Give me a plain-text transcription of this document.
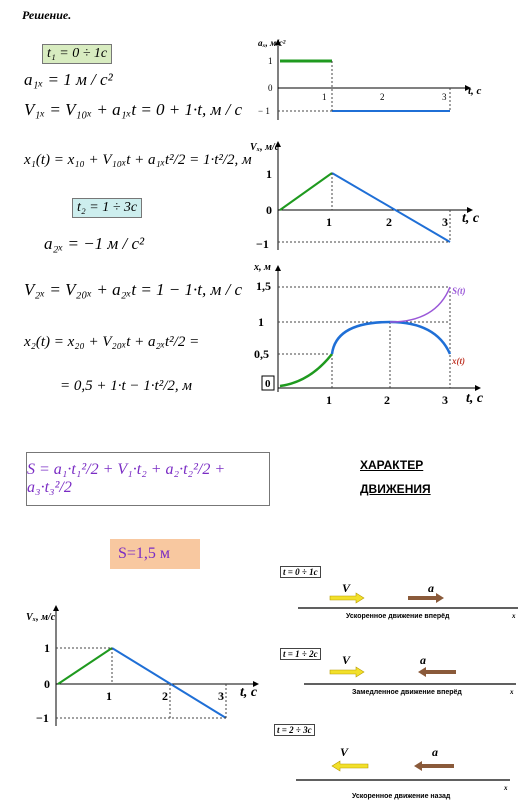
Решение.
t₁ = 0 ÷ 1c
a₁ₓ = 1 м / c²
V₁ₓ = V₁₀ₓ + a₁ₓt = 0 + 1·t, м / c
x₁(t) = x₁₀ + V₁₀ₓt + a₁ₓt²/2 = 1·t²/2, м
t₂ = 1 ÷ 3c
a₂ₓ = −1 м / c²
V₂ₓ = V₂₀ₓ + a₂ₓt = 1 − 1·t, м / c
x₂(t) = x₂₀ + V₂₀ₓt + a₂ₓt²/2 =
= 0,5 + 1·t − 1·t²/2, м
aₓ, м/c²
1
0
− 1
1	2	3 t, c
Vₓ, м/c
1
0
−1
1	2	3 t, c
x, м
1,5
1
0,5
0
S(t)
x(t)
1	2	3 t, c
S = a₁·t₁²/2 + V₁·t₂ + a₂·t₂²/2 + a₃·t₃²/2
ХАРАКТЕР
ДВИЖЕНИЯ
S=1,5 м
Vₓ, м/c
1
0
−1
1	2	3 t, c
t = 0 ÷ 1c
V	a
x
Ускоренное движение вперёд
t = 1 ÷ 2c V	a
x
Замедленное движение вперёд
t = 2 ÷ 3c
V	a
x
Ускоренное движение назад
